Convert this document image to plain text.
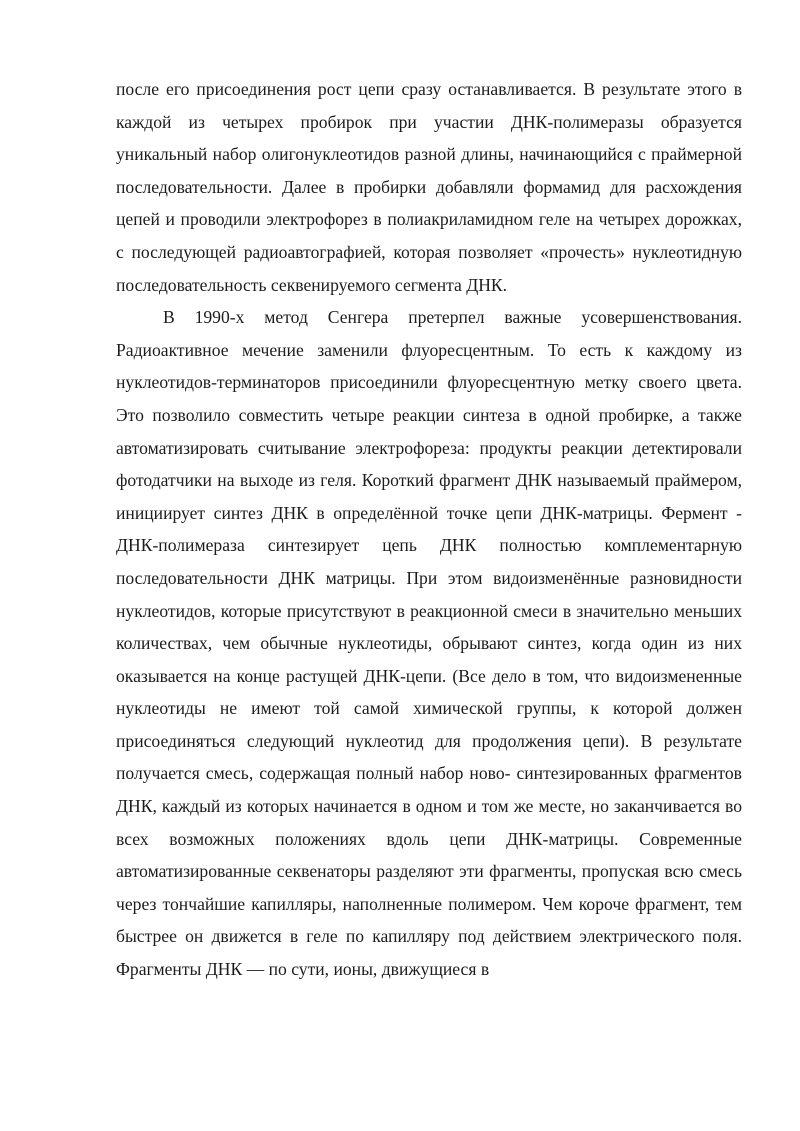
после его присоединения рост цепи сразу останавливается. В результате этого в каждой из четырех пробирок при участии ДНК-полимеразы образуется уникальный набор олигонуклеотидов разной длины, начинающийся с праймерной последовательности. Далее в пробирки добавляли формамид для расхождения цепей и проводили электрофорез в полиакриламидном геле на четырех дорожках, с последующей радиоавтографией, которая позволяет «прочесть» нуклеотидную последовательность секвенируемого сегмента ДНК.

В 1990-х метод Сенгера претерпел важные усовершенствования. Радиоактивное мечение заменили флуоресцентным. То есть к каждому из нуклеотидов-терминаторов присоединили флуоресцентную метку своего цвета. Это позволило совместить четыре реакции синтеза в одной пробирке, а также автоматизировать считывание электрофореза: продукты реакции детектировали фотодатчики на выходе из геля. Короткий фрагмент ДНК называемый праймером, инициирует синтез ДНК в определённой точке цепи ДНК-матрицы. Фермент - ДНК-полимераза синтезирует цепь ДНК полностью комплементарную последовательности ДНК матрицы. При этом видоизменённые разновидности нуклеотидов, которые присутствуют в реакционной смеси в значительно меньших количествах, чем обычные нуклеотиды, обрывают синтез, когда один из них оказывается на конце растущей ДНК-цепи. (Все дело в том, что видоизмененные нуклеотиды не имеют той самой химической группы, к которой должен присоединяться следующий нуклеотид для продолжения цепи). В результате получается смесь, содержащая полный набор ново- синтезированных фрагментов ДНК, каждый из которых начинается в одном и том же месте, но заканчивается во всех возможных положениях вдоль цепи ДНК-матрицы. Современные автоматизированные секвенаторы разделяют эти фрагменты, пропуская всю смесь через тончайшие капилляры, наполненные полимером. Чем короче фрагмент, тем быстрее он движется в геле по капилляру под действием электрического поля. Фрагменты ДНК — по сути, ионы, движущиеся в
